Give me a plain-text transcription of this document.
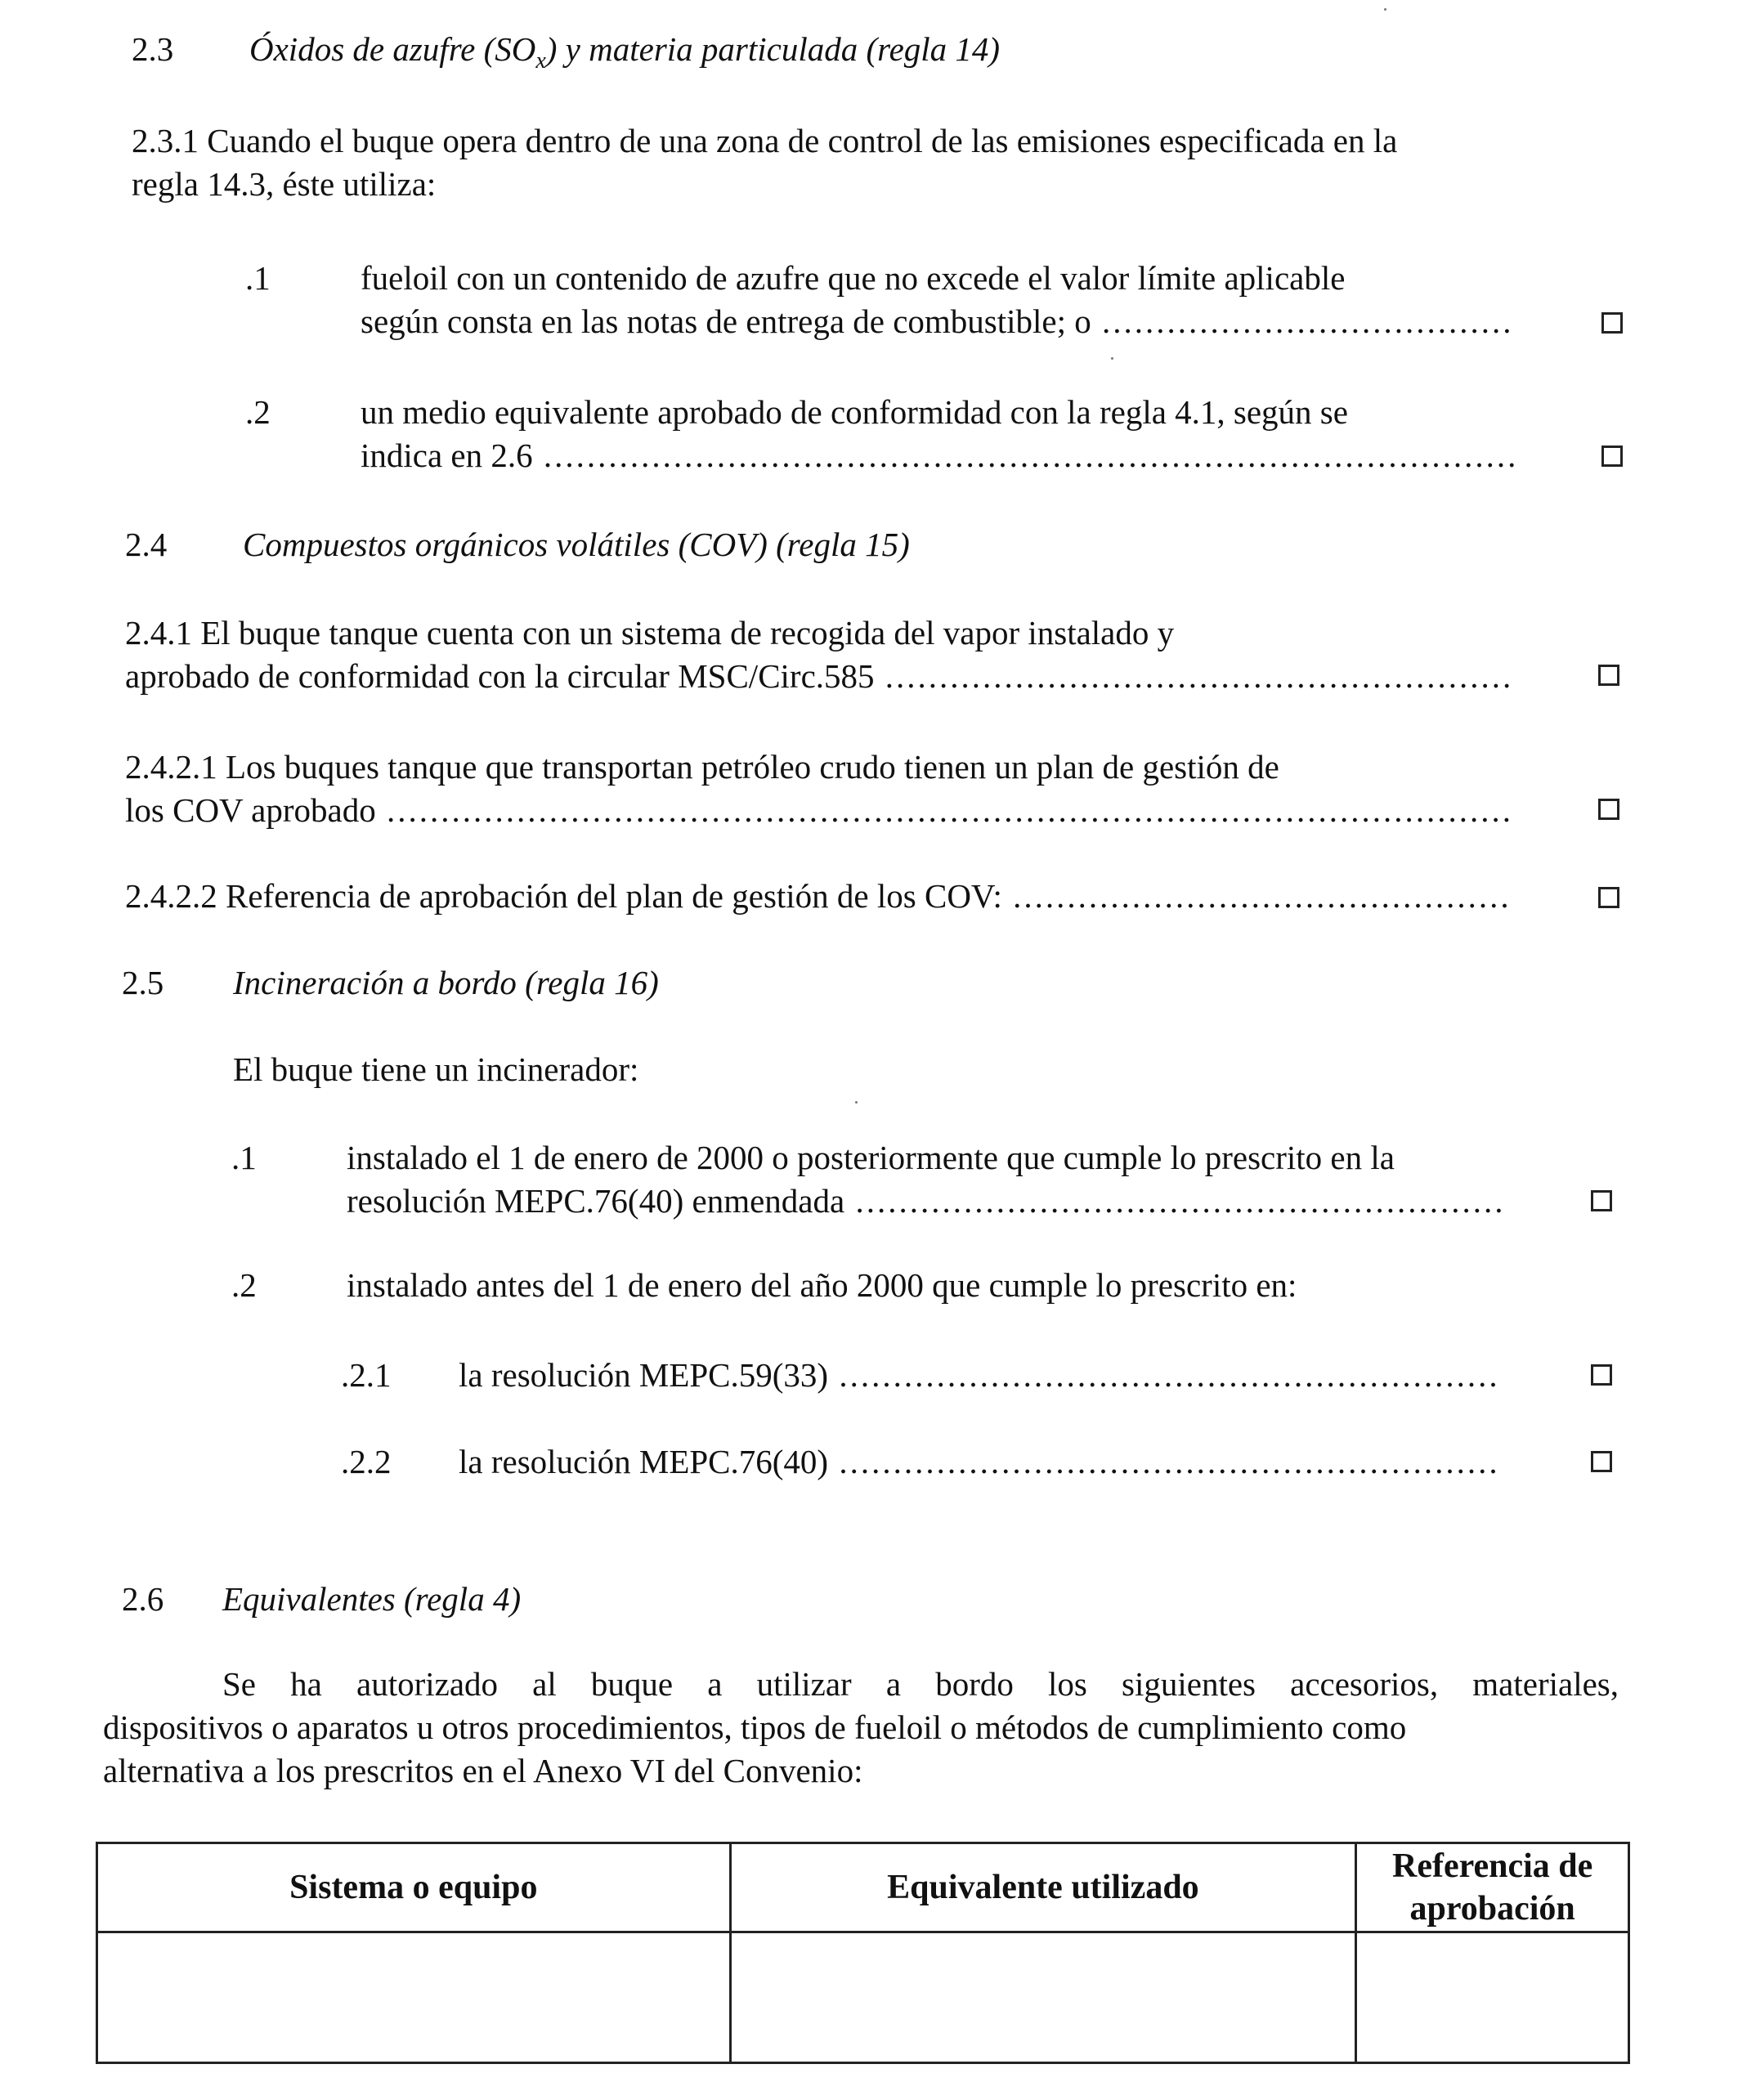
2.3 Óxidos de azufre $(SO_x)$ y materia particulada (regla 14)
2.3.1 Cuando el buque opera dentro de una zona de control de las emisiones especificada en la
regla 14.3, éste utiliza:
.1	fueloil con un contenido de azufre que no excede el valor límite aplicable
según consta en las notas de entrega de combustible; o .....
.2	un medio equivalente aprobado de conformidad con la regla 4.1, según se
indica en 2.6 .....
2.4 Compuestos orgánicos volátiles (COV) (regla 15)
2.4.1 El buque tanque cuenta con un sistema de recogida del vapor instalado y
aprobado de conformidad con la circular MSC/Circ.585 .....
2.4.2.1 Los buques tanque que transportan petróleo crudo tienen un plan de gestión de
los COV aprobado .....
2.4.2.2 Referencia de aprobación del plan de gestión de los COV: .....
2.5 Incineración a bordo (regla 16)
El buque tiene un incinerador:
.1	instalado el 1 de enero de 2000 o posteriormente que cumple lo prescrito en la
resolución MEPC.76(40) enmendada .....
.2	instalado antes del 1 de enero del año 2000 que cumple lo prescrito en:
.2.1 la resolución MEPC.59(33) .....
.2.2 la resolución MEPC.76(40) .....
2.6 Equivalentes (regla 4)
Se ha autorizado al buque a utilizar a bordo los siguientes accesorios, materiales,
dispositivos o aparatos u otros procedimientos, tipos de fueloil o métodos de cumplimiento como
alternativa a los prescritos en el Anexo VI del Convenio:
Sistema o equipo	Equivalente utilizado	Referencia de aprobación
